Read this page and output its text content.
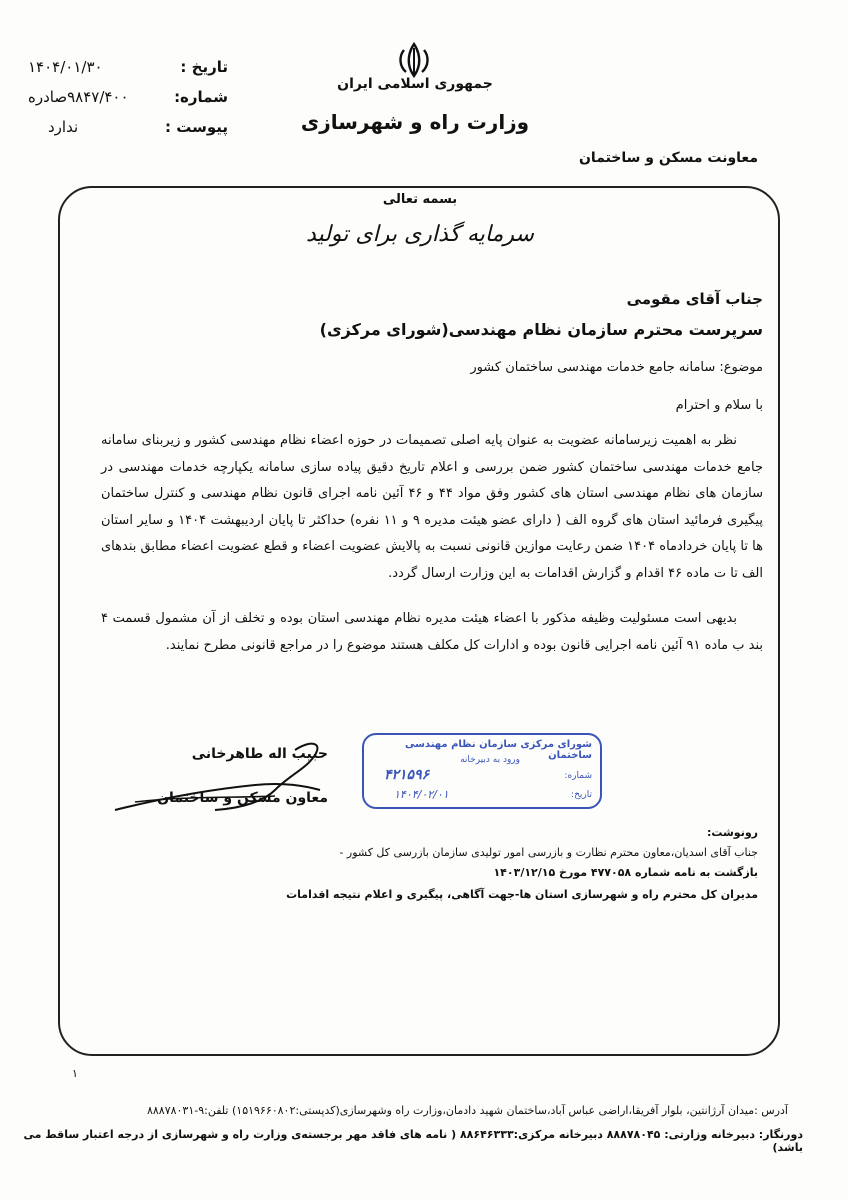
جمهوری اسلامی ایران
وزارت راه و شهرسازی
معاونت مسکن و ساختمان
تاریخ :
۱۴۰۴/۰۱/۳۰
شماره:
۹۸۴۷/۴۰۰صادره
پیوست :
ندارد
بسمه تعالی
سرمایه گذاری برای تولید
جناب آقای مقومی
سرپرست محترم سازمان نظام مهندسی(شورای مرکزی)
موضوع: سامانه جامع خدمات مهندسی ساختمان کشور
با سلام و احترام
  نظر به اهمیت زیرسامانه عضویت به عنوان پایه اصلی تصمیمات در حوزه اعضاء نظام مهندسی کشور و زیربنای سامانه جامع خدمات مهندسی ساختمان کشور ضمن بررسی و اعلام تاریخ دقیق پیاده سازی سامانه یکپارچه خدمات مهندسی در سازمان های نظام مهندسی استان های کشور وفق مواد ۴۴ و ۴۶ آئین نامه اجرای قانون نظام مهندسی و کنترل ساختمان پیگیری فرمائید استان های گروه الف ( دارای عضو هیئت مدیره ۹ و ۱۱ نفره) حداکثر تا پایان اردیبهشت ۱۴۰۴ و سایر استان ها تا پایان خردادماه ۱۴۰۴ ضمن رعایت موازین قانونی نسبت به پالایش عضویت اعضاء و قطع عضویت اعضاء مطابق بندهای الف تا ت ماده ۴۶ اقدام و گزارش اقدامات به این وزارت ارسال گردد.
  بدیهی است مسئولیت وظیفه مذکور با اعضاء هیئت مدیره نظام مهندسی استان بوده و تخلف از آن مشمول قسمت ۴ بند ب ماده ۹۱ آئین نامه اجرایی قانون بوده و ادارات کل مکلف هستند موضوع را در مراجع قانونی مطرح نمایند.
حبیب اله طاهرخانی
معاون مسکن و ساختمان
شورای مرکزی سازمان نظام مهندسی ساختمان
ورود به دبیرخانه
شماره:
۴۲۱۵۹۶
تاریخ:
۱۴۰۴/۰۲/۰۱
رونوشت:
جناب آقای اسدیان،معاون محترم نظارت و بازرسی امور تولیدی سازمان بازرسی کل کشور -
بازگشت به نامه شماره ۴۷۷۰۵۸ مورخ ۱۴۰۳/۱۲/۱۵
مدیران کل محترم راه و شهرسازی استان ها-جهت آگاهی، پیگیری و اعلام نتیجه اقدامات
۱
آدرس :میدان آرژانتین، بلوار آفریقا،اراضی عباس آباد،ساختمان شهید دادمان،وزارت راه وشهرسازی(کدپستی:۱۵۱۹۶۶۰۸۰۲) تلفن:۹-۸۸۸۷۸۰۳۱
دورنگار: دبیرخانه وزارتی: ۸۸۸۷۸۰۴۵ دبیرخانه مرکزی:۸۸۶۴۶۳۳۳ ( نامه های فاقد مهر برجسته‌ی وزارت راه و شهرسازی از درجه اعتبار ساقط می باشد)
